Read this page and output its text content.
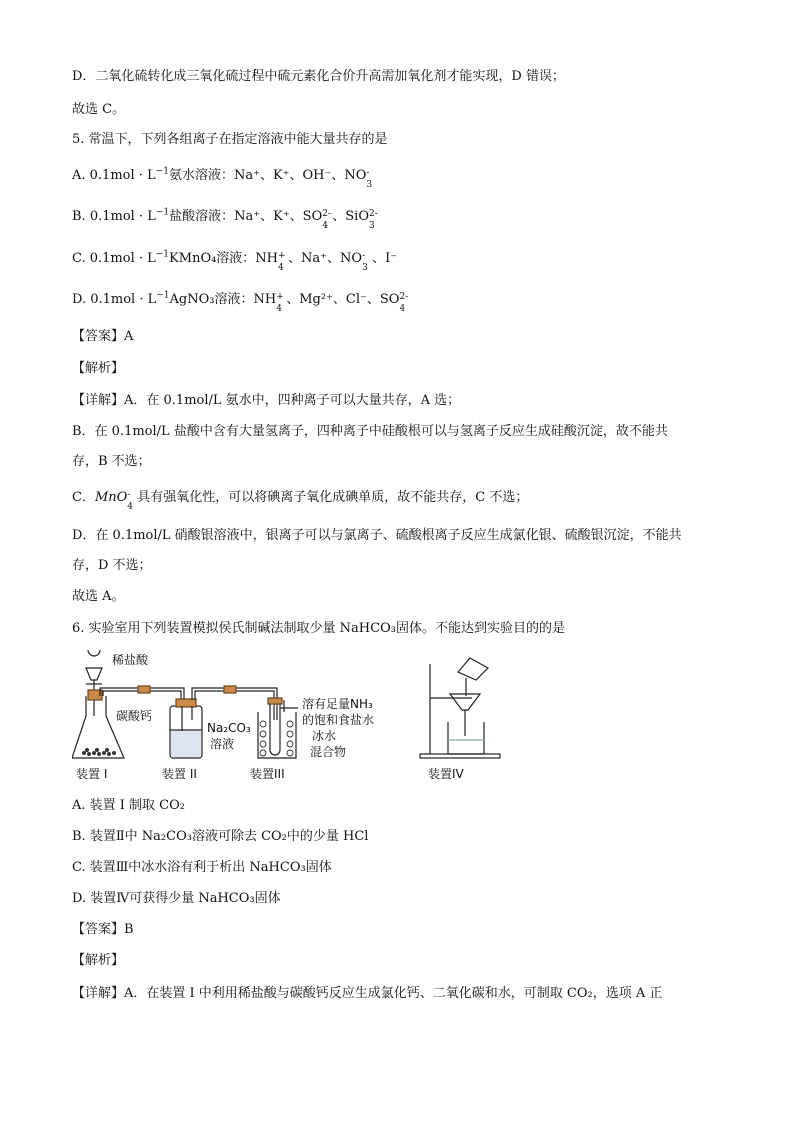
D．二氧化硫转化成三氧化硫过程中硫元素化合价升高需加氧化剂才能实现，D 错误；
故选 C。
5. 常温下，下列各组离子在指定溶液中能大量共存的是
A. $0.1mol \cdot L^{-1}$氨水溶液：Na⁺、K⁺、OH⁻、NO -
3
B. $0.1mol \cdot L^{-1}$盐酸溶液：Na⁺、K⁺、SO 2-
4
、SiO 2-
3
C. $0.1mol \cdot L^{-1}KMnO_4$溶液：NH +
4
、Na⁺、NO -
3
、I⁻
D. $0.1mol \cdot L^{-1}AgNO_3$溶液：NH +
4
、Mg²⁺、Cl⁻、SO 2-
4
【答案】A
【解析】
【详解】A．在 0.1mol/L 氨水中，四种离子可以大量共存，A 选；
B．在 0.1mol/L 盐酸中含有大量氢离子，四种离子中硅酸根可以与氢离子反应生成硅酸沉淀，故不能共
存，B 不选；
C．MnO -
4
具有强氧化性，可以将碘离子氧化成碘单质，故不能共存，C 不选；
D．在 0.1mol/L 硝酸银溶液中，银离子可以与氯离子、硫酸根离子反应生成氯化银、硫酸银沉淀，不能共
存，D 不选；
故选 A。
6. 实验室用下列装置模拟侯氏制碱法制取少量 NaHCO₃固体。不能达到实验目的的是
稀盐酸
碳酸钙
Na₂CO₃
溶液
溶有足量NH₃
的饱和食盐水
冰水
混合物
装置 I	装置 II	装置III	装置IV
A. 装置 I 制取 CO₂
B. 装置Ⅱ中 Na₂CO₃溶液可除去 CO₂中的少量 HCl
C. 装置Ⅲ中冰水浴有利于析出 NaHCO₃固体
D. 装置Ⅳ可获得少量 NaHCO₃固体
【答案】B
【解析】
【详解】A．在装置 I 中利用稀盐酸与碳酸钙反应生成氯化钙、二氧化碳和水，可制取 CO₂，选项 A 正
